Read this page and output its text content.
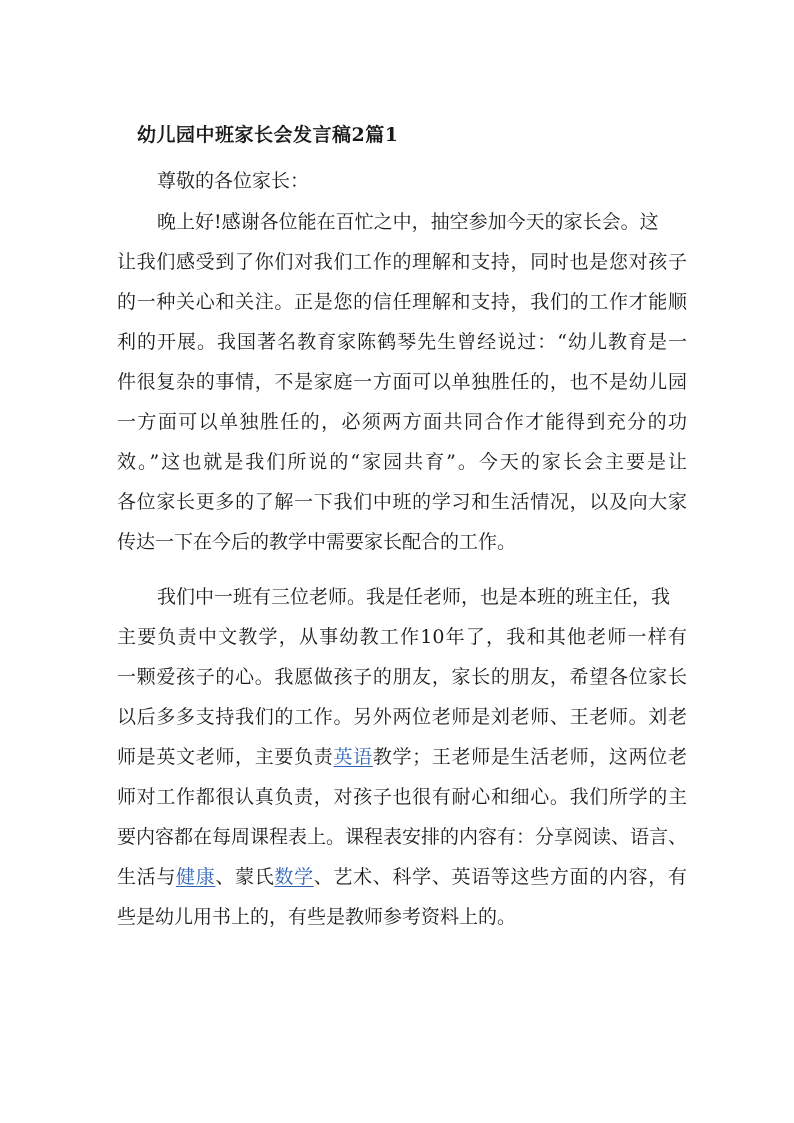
幼儿园中班家长会发言稿2篇1

尊敬的各位家长：

晚上好!感谢各位能在百忙之中，抽空参加今天的家长会。这
让我们感受到了你们对我们工作的理解和支持，同时也是您对孩子
的一种关心和关注。正是您的信任理解和支持，我们的工作才能顺
利的开展。我国著名教育家陈鹤琴先生曾经说过：“幼儿教育是一
件很复杂的事情，不是家庭一方面可以单独胜任的，也不是幼儿园
一方面可以单独胜任的，必须两方面共同合作才能得到充分的功
效。”这也就是我们所说的“家园共育”。今天的家长会主要是让
各位家长更多的了解一下我们中班的学习和生活情况，以及向大家
传达一下在今后的教学中需要家长配合的工作。
我们中一班有三位老师。我是任老师，也是本班的班主任，我
主要负责中文教学，从事幼教工作10年了，我和其他老师一样有
一颗爱孩子的心。我愿做孩子的朋友，家长的朋友，希望各位家长
以后多多支持我们的工作。另外两位老师是刘老师、王老师。刘老
师是英文老师，主要负责英语教学；王老师是生活老师，这两位老
师对工作都很认真负责，对孩子也很有耐心和细心。我们所学的主
要内容都在每周课程表上。课程表安排的内容有：分享阅读、语言、
生活与健康、蒙氏数学、艺术、科学、英语等这些方面的内容，有
些是幼儿用书上的，有些是教师参考资料上的。
